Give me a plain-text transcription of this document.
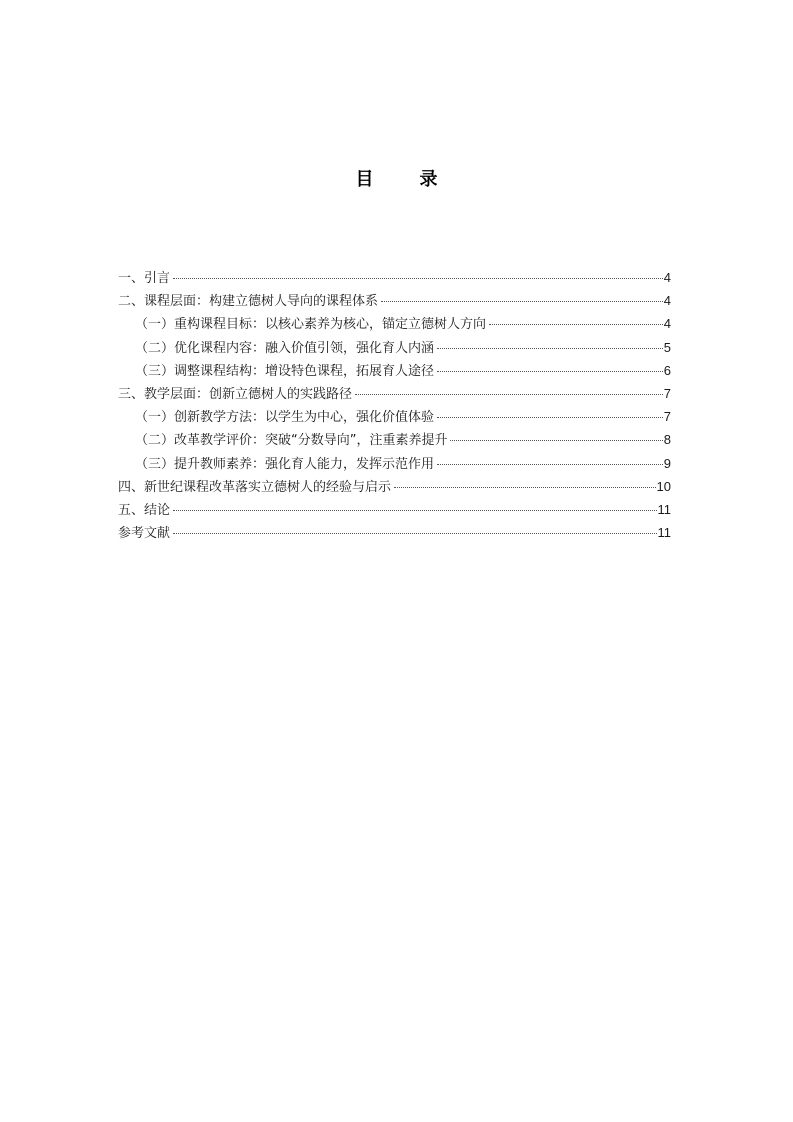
目　录
一、引言	4
二、课程层面：构建立德树人导向的课程体系	4
（一）重构课程目标：以核心素养为核心，锚定立德树人方向	4
（二）优化课程内容：融入价值引领，强化育人内涵	5
（三）调整课程结构：增设特色课程，拓展育人途径	6
三、教学层面：创新立德树人的实践路径	7
（一）创新教学方法：以学生为中心，强化价值体验	7
（二）改革教学评价：突破“分数导向”，注重素养提升	8
（三）提升教师素养：强化育人能力，发挥示范作用	9
四、新世纪课程改革落实立德树人的经验与启示	10
五、结论	11
参考文献	11
